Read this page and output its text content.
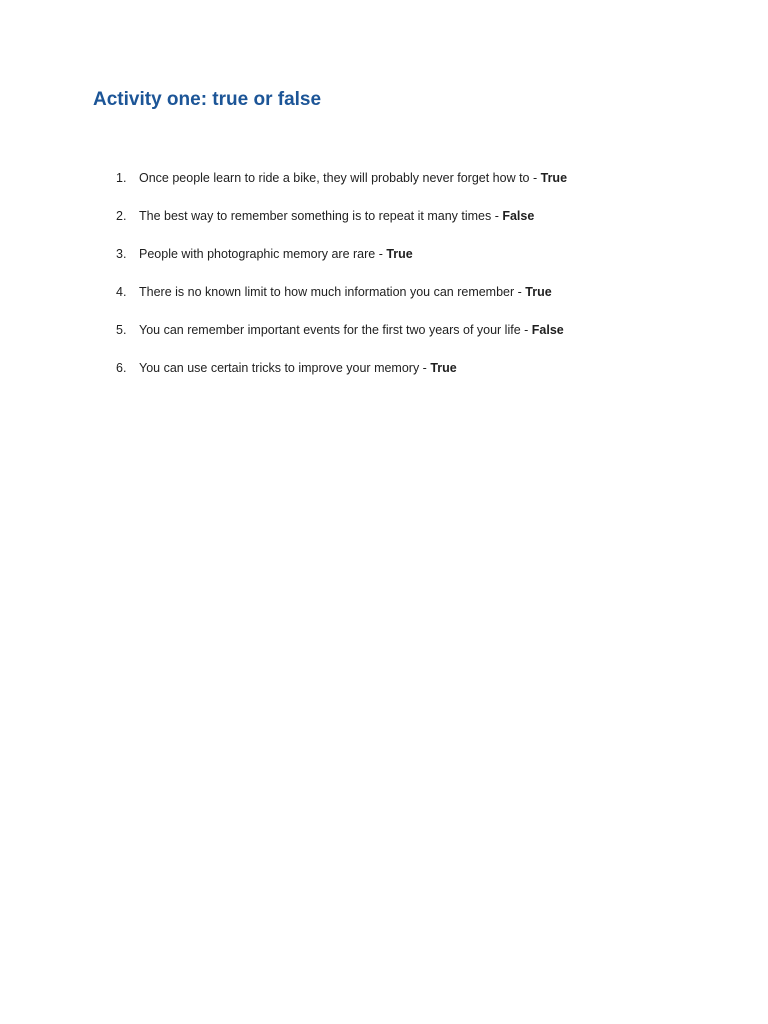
Activity one: true or false
1.	Once people learn to ride a bike, they will probably never forget how to - True
2.	The best way to remember something is to repeat it many times - False
3.	People with photographic memory are rare - True
4.	There is no known limit to how much information you can remember - True
5.	You can remember important events for the first two years of your life - False
6.	You can use certain tricks to improve your memory - True
